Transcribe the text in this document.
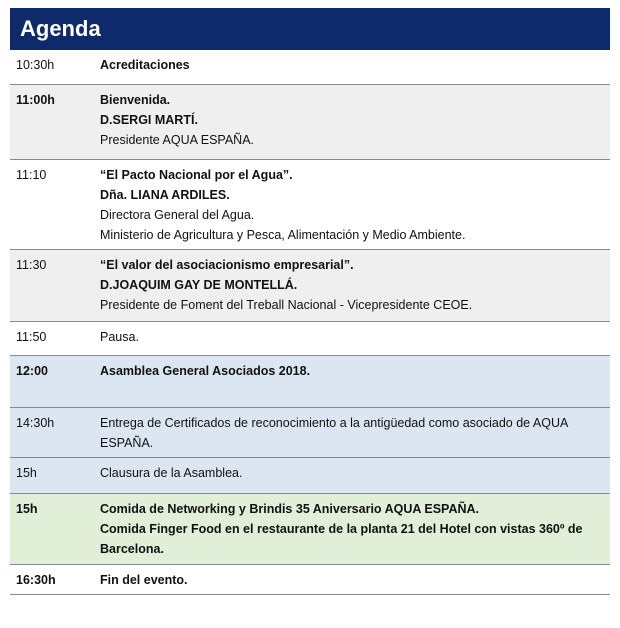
Agenda
10:30h	Acreditaciones

11:00h	Bienvenida.
D.SERGI MARTÍ.
Presidente AQUA ESPAÑA.

11:10	“El Pacto Nacional por el Agua”.
Dña. LIANA ARDILES.
Directora General del Agua.
Ministerio de Agricultura y Pesca, Alimentación y Medio Ambiente.

11:30	“El valor del asociacionismo empresarial”.
D.JOAQUIM GAY DE MONTELLÁ.
Presidente de Foment del Treball Nacional - Vicepresidente CEOE.

11:50	Pausa.

12:00	Asamblea General Asociados 2018.

14:30h	Entrega de Certificados de reconocimiento a la antigüedad como asociado de AQUA ESPAÑA.

15h	Clausura de la Asamblea.

15h	Comida de Networking y Brindis 35 Aniversario AQUA ESPAÑA.
Comida Finger Food en el restaurante de la planta 21 del Hotel con vistas 360º de Barcelona.

16:30h	Fin del evento.
